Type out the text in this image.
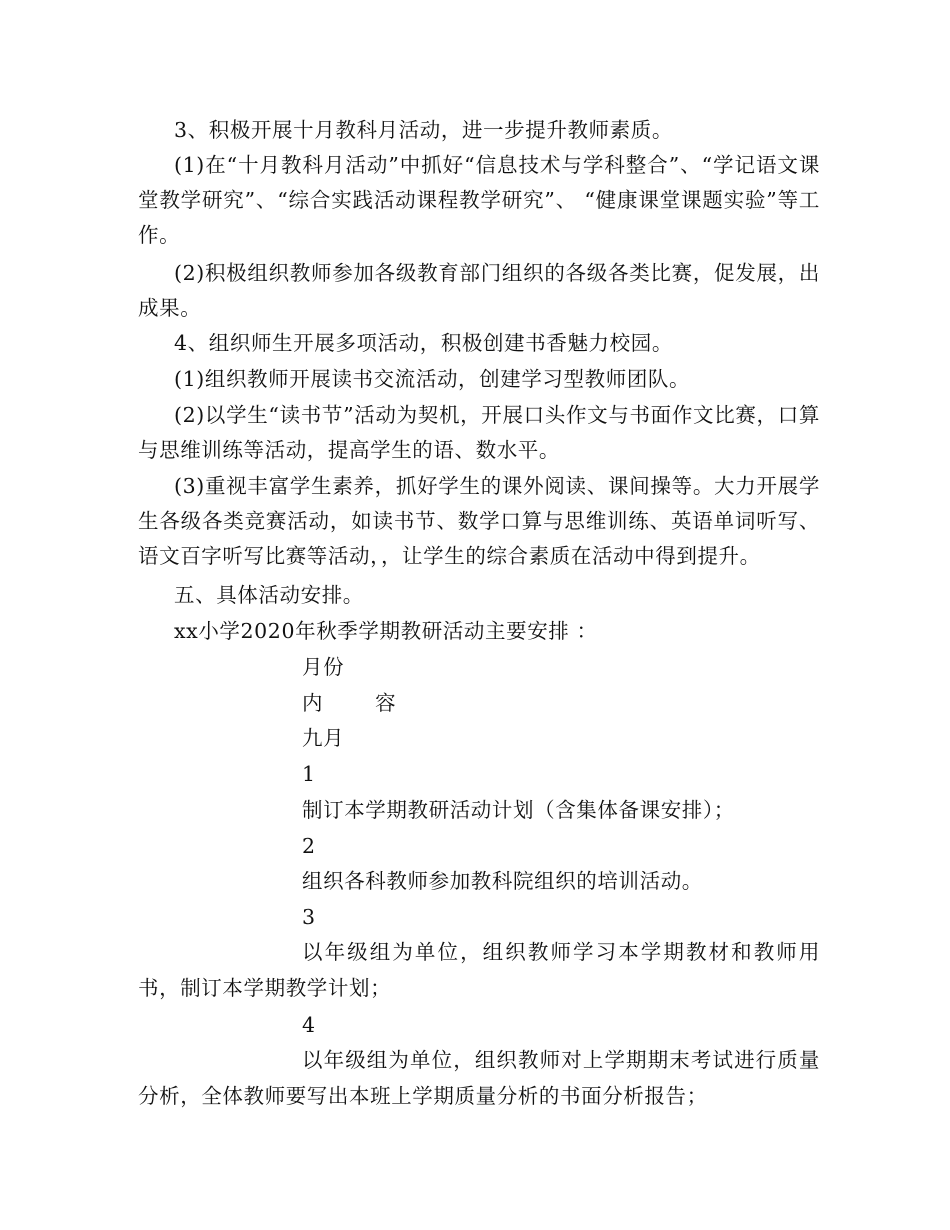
3、积极开展十月教科月活动，进一步提升教师素质。
(1)在“十月教科月活动”中抓好“信息技术与学科整合”、“学记语文课堂教学研究”、“综合实践活动课程教学研究”、 “健康课堂课题实验”等工作。
(2)积极组织教师参加各级教育部门组织的各级各类比赛，促发展，出成果。
4、组织师生开展多项活动，积极创建书香魅力校园。
(1)组织教师开展读书交流活动，创建学习型教师团队。
(2)以学生“读书节”活动为契机，开展口头作文与书面作文比赛，口算与思维训练等活动，提高学生的语、数水平。
(3)重视丰富学生素养，抓好学生的课外阅读、课间操等。大力开展学生各级各类竞赛活动，如读书节、数学口算与思维训练、英语单词听写、语文百字听写比赛等活动，，让学生的综合素质在活动中得到提升。
五、具体活动安排。
xx小学2020年秋季学期教研活动主要安排 ：
月份
内	容
九月
1
制订本学期教研活动计划（含集体备课安排）；
2
组织各科教师参加教科院组织的培训活动。
3
以年级组为单位，组织教师学习本学期教材和教师用书，制订本学期教学计划；
4
以年级组为单位，组织教师对上学期期末考试进行质量分析，全体教师要写出本班上学期质量分析的书面分析报告；
